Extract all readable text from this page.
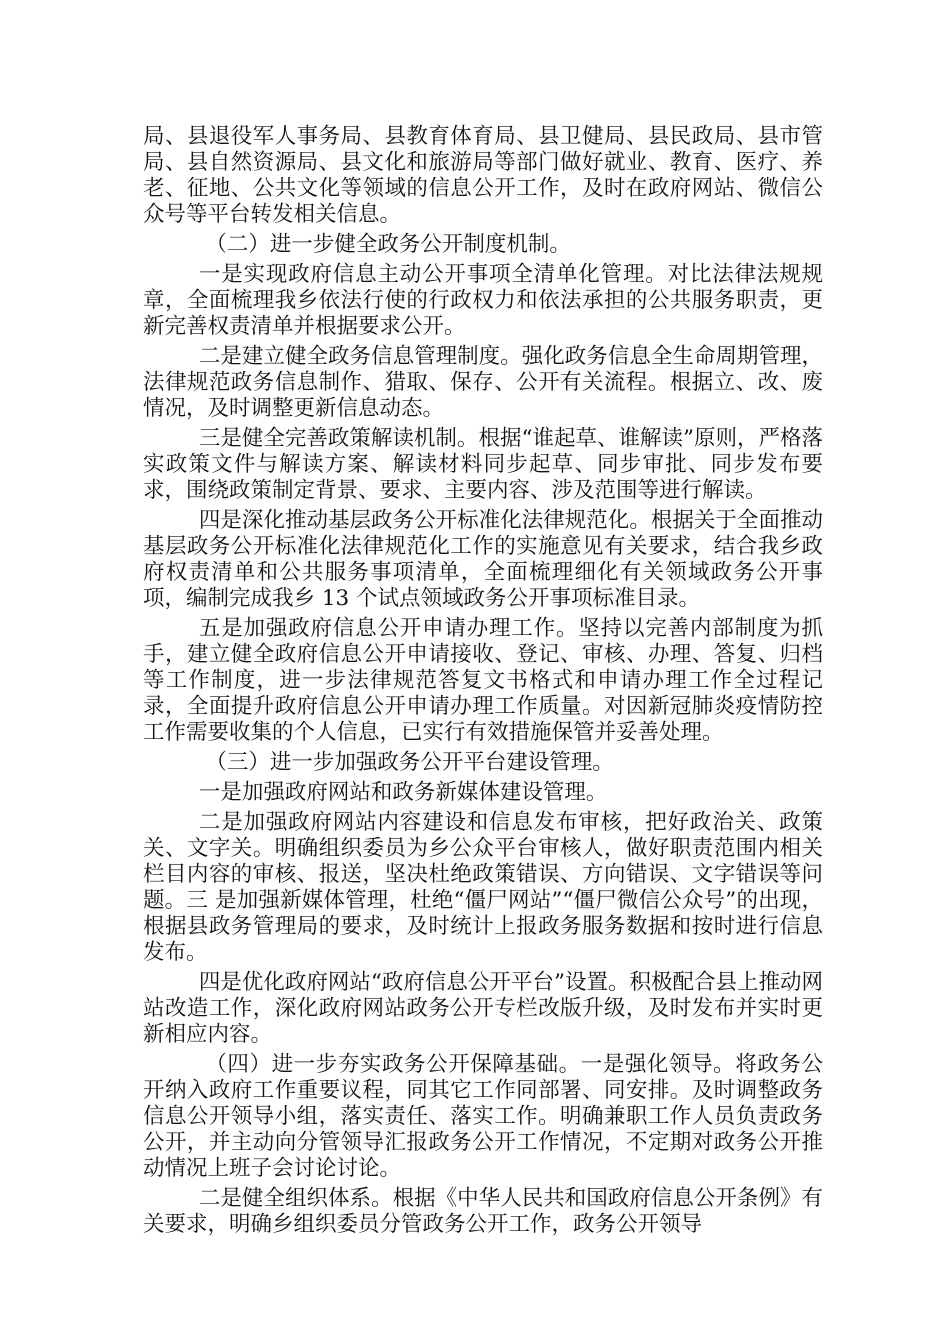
局、县退役军人事务局、县教育体育局、县卫健局、县民政局、县市管局、县自然资源局、县文化和旅游局等部门做好就业、教育、医疗、养老、征地、公共文化等领域的信息公开工作，及时在政府网站、微信公众号等平台转发相关信息。

（二）进一步健全政务公开制度机制。

一是实现政府信息主动公开事项全清单化管理。对比法律法规规章，全面梳理我乡依法行使的行政权力和依法承担的公共服务职责，更新完善权责清单并根据要求公开。

二是建立健全政务信息管理制度。强化政务信息全生命周期管理，法律规范政务信息制作、猎取、保存、公开有关流程。根据立、改、废情况，及时调整更新信息动态。

三是健全完善政策解读机制。根据“谁起草、谁解读”原则，严格落实政策文件与解读方案、解读材料同步起草、同步审批、同步发布要求，围绕政策制定背景、要求、主要内容、涉及范围等进行解读。

四是深化推动基层政务公开标准化法律规范化。根据关于全面推动基层政务公开标准化法律规范化工作的实施意见有关要求，结合我乡政府权责清单和公共服务事项清单，全面梳理细化有关领域政务公开事项，编制完成我乡 13 个试点领域政务公开事项标准目录。

五是加强政府信息公开申请办理工作。坚持以完善内部制度为抓手，建立健全政府信息公开申请接收、登记、审核、办理、答复、归档等工作制度，进一步法律规范答复文书格式和申请办理工作全过程记录，全面提升政府信息公开申请办理工作质量。对因新冠肺炎疫情防控工作需要收集的个人信息，已实行有效措施保管并妥善处理。

（三）进一步加强政务公开平台建设管理。

一是加强政府网站和政务新媒体建设管理。

二是加强政府网站内容建设和信息发布审核，把好政治关、政策关、文字关。明确组织委员为乡公众平台审核人，做好职责范围内相关栏目内容的审核、报送，坚决杜绝政策错误、方向错误、文字错误等问题。三 是加强新媒体管理，杜绝“僵尸网站”“僵尸微信公众号”的出现，根据县政务管理局的要求，及时统计上报政务服务数据和按时进行信息发布。

四是优化政府网站“政府信息公开平台”设置。积极配合县上推动网站改造工作，深化政府网站政务公开专栏改版升级，及时发布并实时更新相应内容。

（四）进一步夯实政务公开保障基础。一是强化领导。将政务公开纳入政府工作重要议程，同其它工作同部署、同安排。及时调整政务信息公开领导小组，落实责任、落实工作。明确兼职工作人员负责政务公开，并主动向分管领导汇报政务公开工作情况，不定期对政务公开推动情况上班子会讨论讨论。

二是健全组织体系。根据《中华人民共和国政府信息公开条例》有关要求，明确乡组织委员分管政务公开工作，政务公开领导
